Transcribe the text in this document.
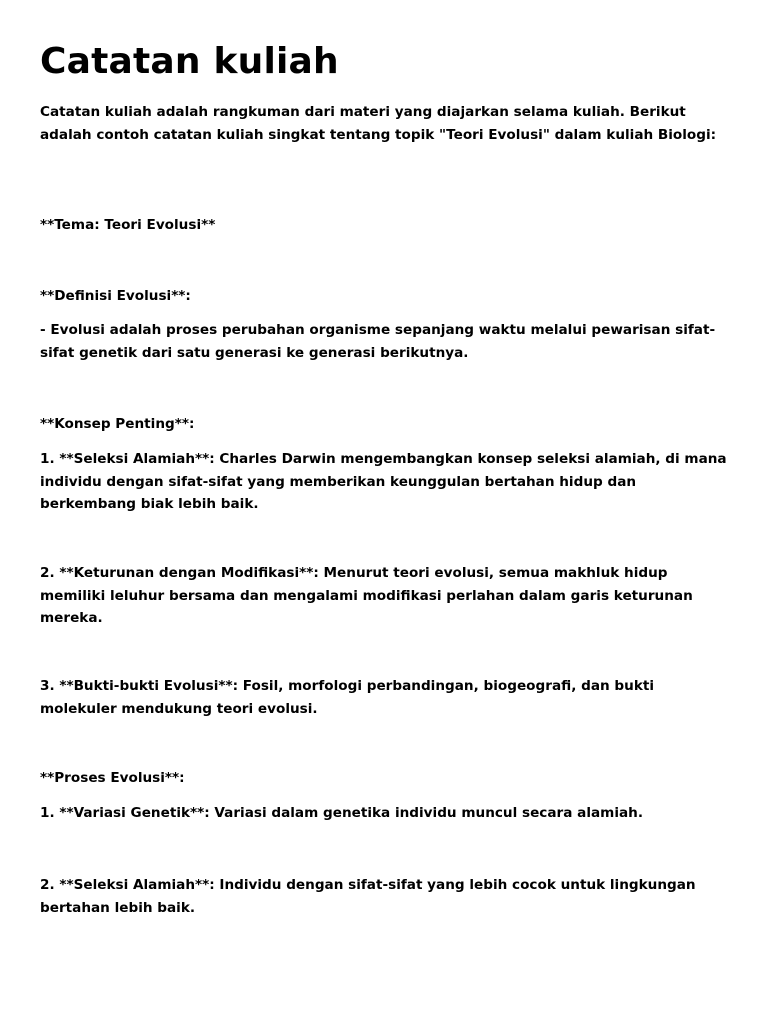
Catatan kuliah

Catatan kuliah adalah rangkuman dari materi yang diajarkan selama kuliah. Berikut adalah contoh catatan kuliah singkat tentang topik "Teori Evolusi" dalam kuliah Biologi:

**Tema: Teori Evolusi**

**Definisi Evolusi**:

- Evolusi adalah proses perubahan organisme sepanjang waktu melalui pewarisan sifat-sifat genetik dari satu generasi ke generasi berikutnya.

**Konsep Penting**:

1. **Seleksi Alamiah**: Charles Darwin mengembangkan konsep seleksi alamiah, di mana individu dengan sifat-sifat yang memberikan keunggulan bertahan hidup dan berkembang biak lebih baik.

2. **Keturunan dengan Modifikasi**: Menurut teori evolusi, semua makhluk hidup memiliki leluhur bersama dan mengalami modifikasi perlahan dalam garis keturunan mereka.

3. **Bukti-bukti Evolusi**: Fosil, morfologi perbandingan, biogeografi, dan bukti molekuler mendukung teori evolusi.

**Proses Evolusi**:

1. **Variasi Genetik**: Variasi dalam genetika individu muncul secara alamiah.

2. **Seleksi Alamiah**: Individu dengan sifat-sifat yang lebih cocok untuk lingkungan bertahan lebih baik.
